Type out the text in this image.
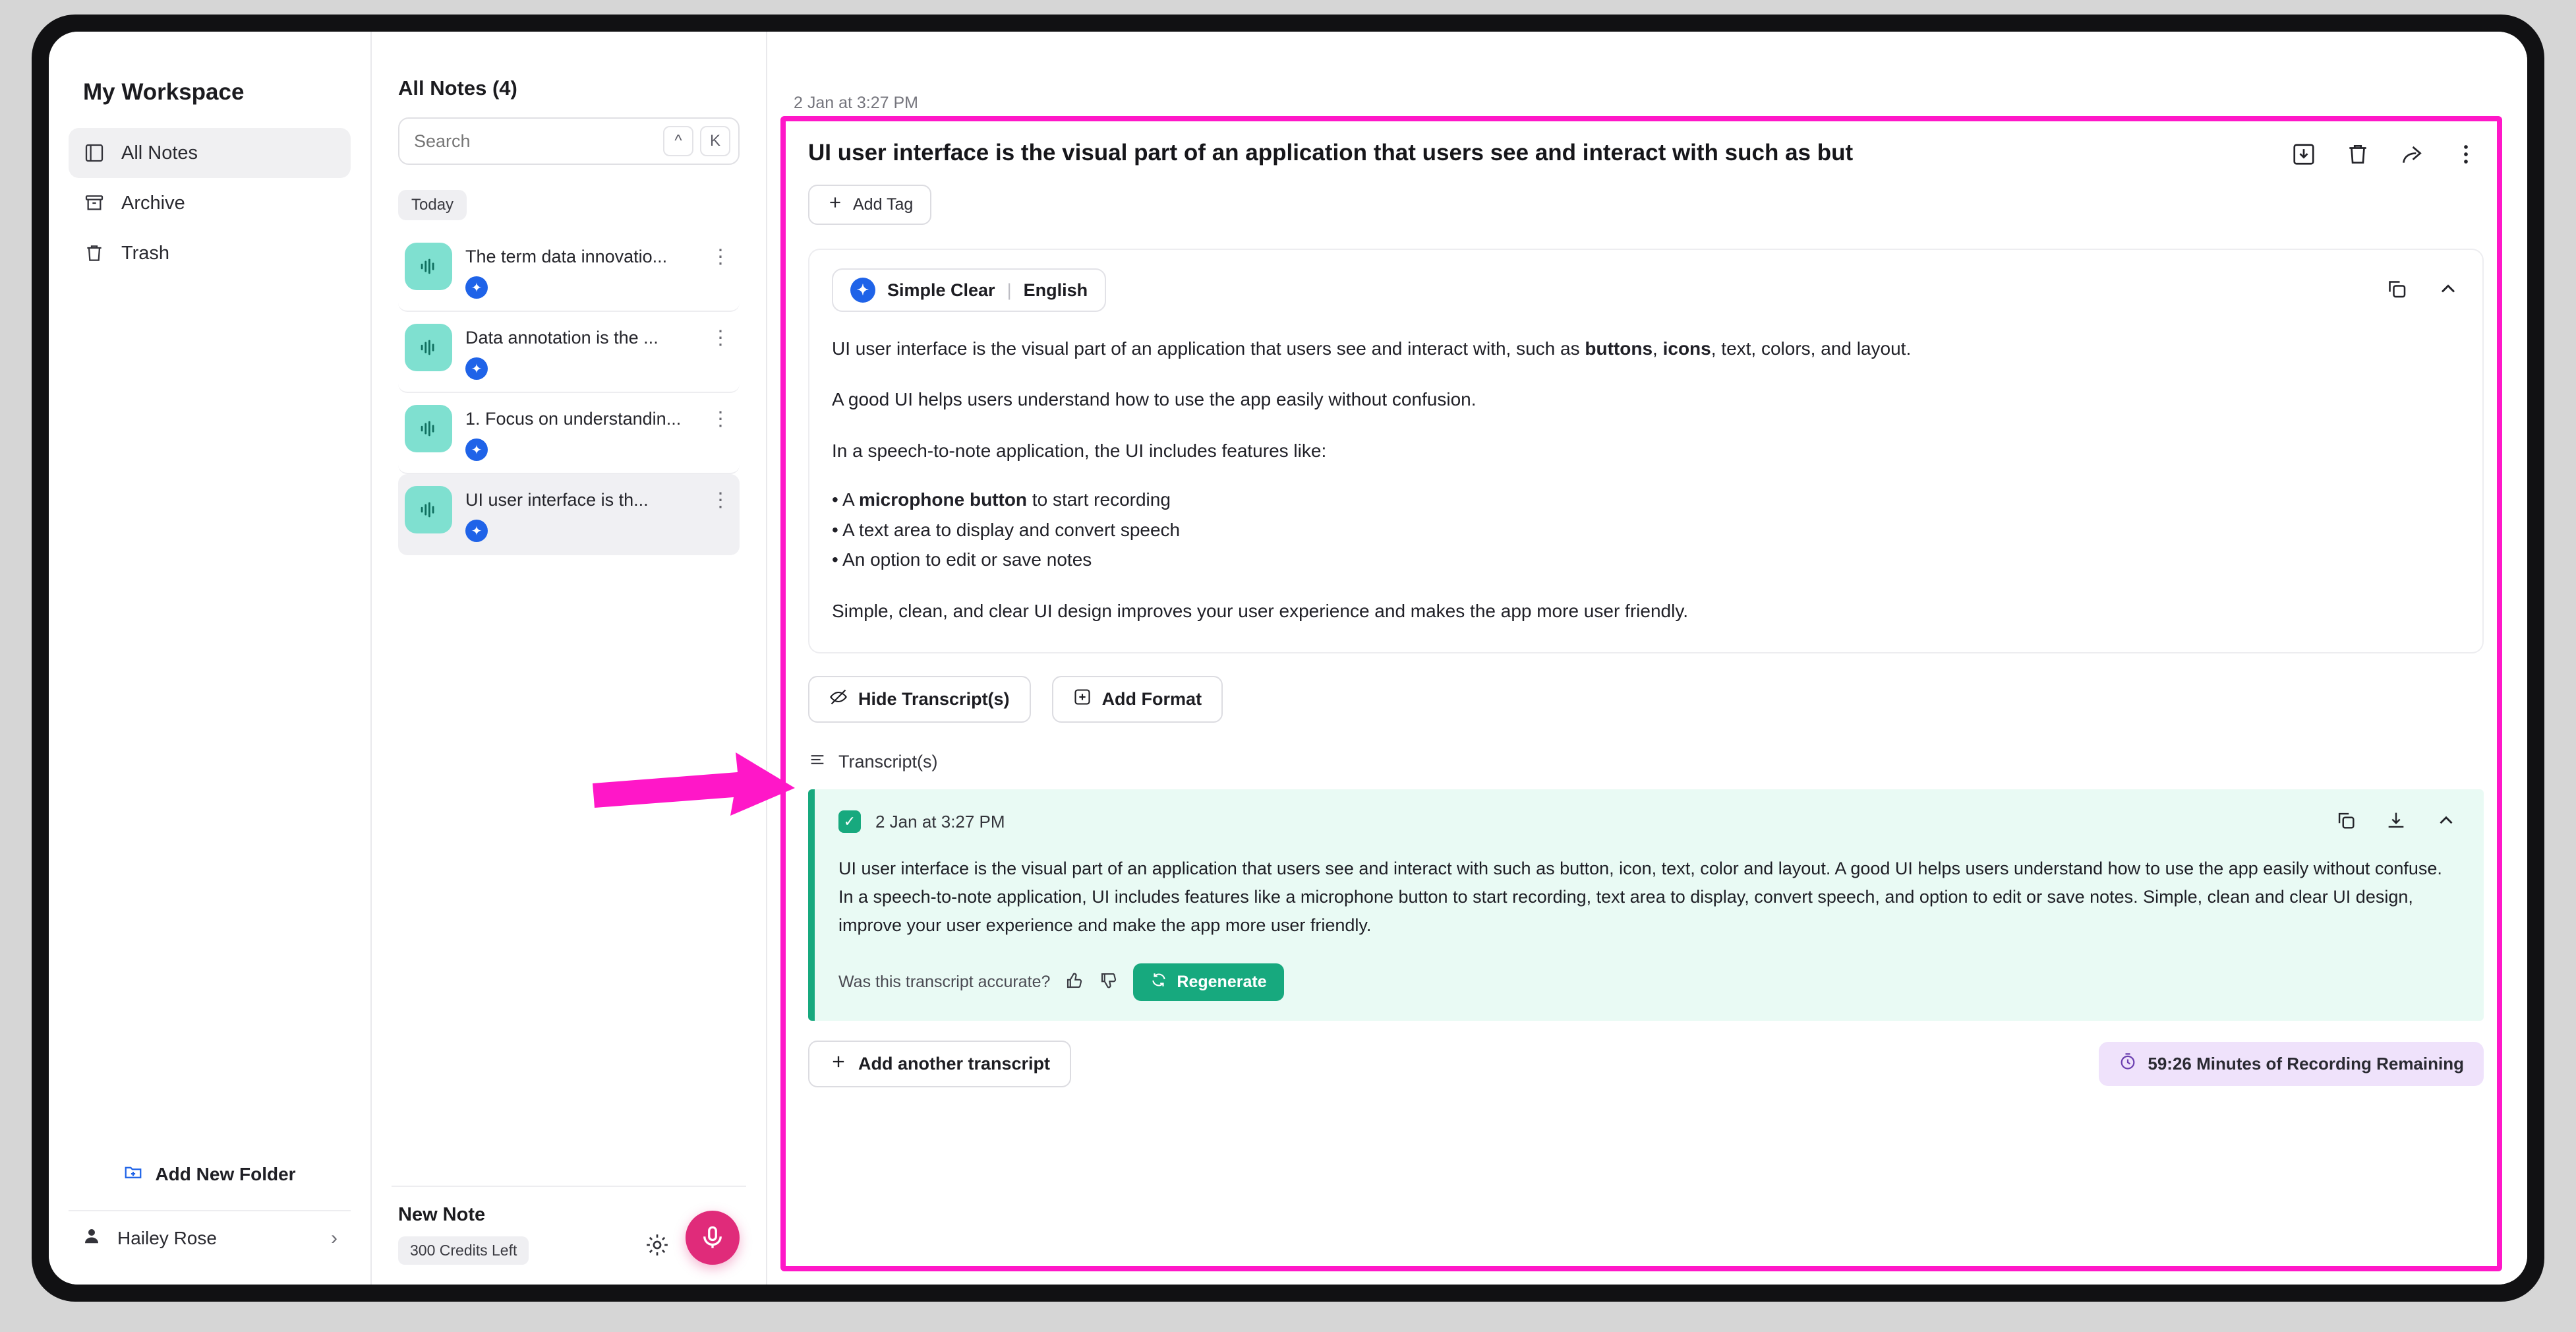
My Workspace
All Notes
Archive
Trash
Add New Folder
Hailey Rose	›
All Notes (4)
Search
^	K
Today
The term data innovatio...
✦
⋮
Data annotation is the ...
✦
⋮
1. Focus on understandin...
✦
⋮
UI user interface is th...
✦
⋮
New Note
300 Credits Left
2 Jan at 3:27 PM
UI user interface is the visual part of an application that users see and interact with such as but
Add Tag
✦	Simple Clear | English
UI user interface is the visual part of an application that users see and interact with, such as buttons, icons, text, colors, and layout.
A good UI helps users understand how to use the app easily without confusion.
In a speech-to-note application, the UI includes features like:
• A microphone button to start recording
• A text area to display and convert speech
• An option to edit or save notes
Simple, clean, and clear UI design improves your user experience and makes the app more user friendly.
Hide Transcript(s)	Add Format
Transcript(s)
✓ 2 Jan at 3:27 PM
UI user interface is the visual part of an application that users see and interact with such as button, icon, text, color and layout. A good UI helps users understand how to use the app easily without confuse. In a speech-to-note application, UI includes features like a microphone button to start recording, text area to display, convert speech, and option to edit or save notes. Simple, clean and clear UI design, improve your user experience and make the app more user friendly.
Was this transcript accurate?	Regenerate
Add another transcript	59:26 Minutes of Recording Remaining
